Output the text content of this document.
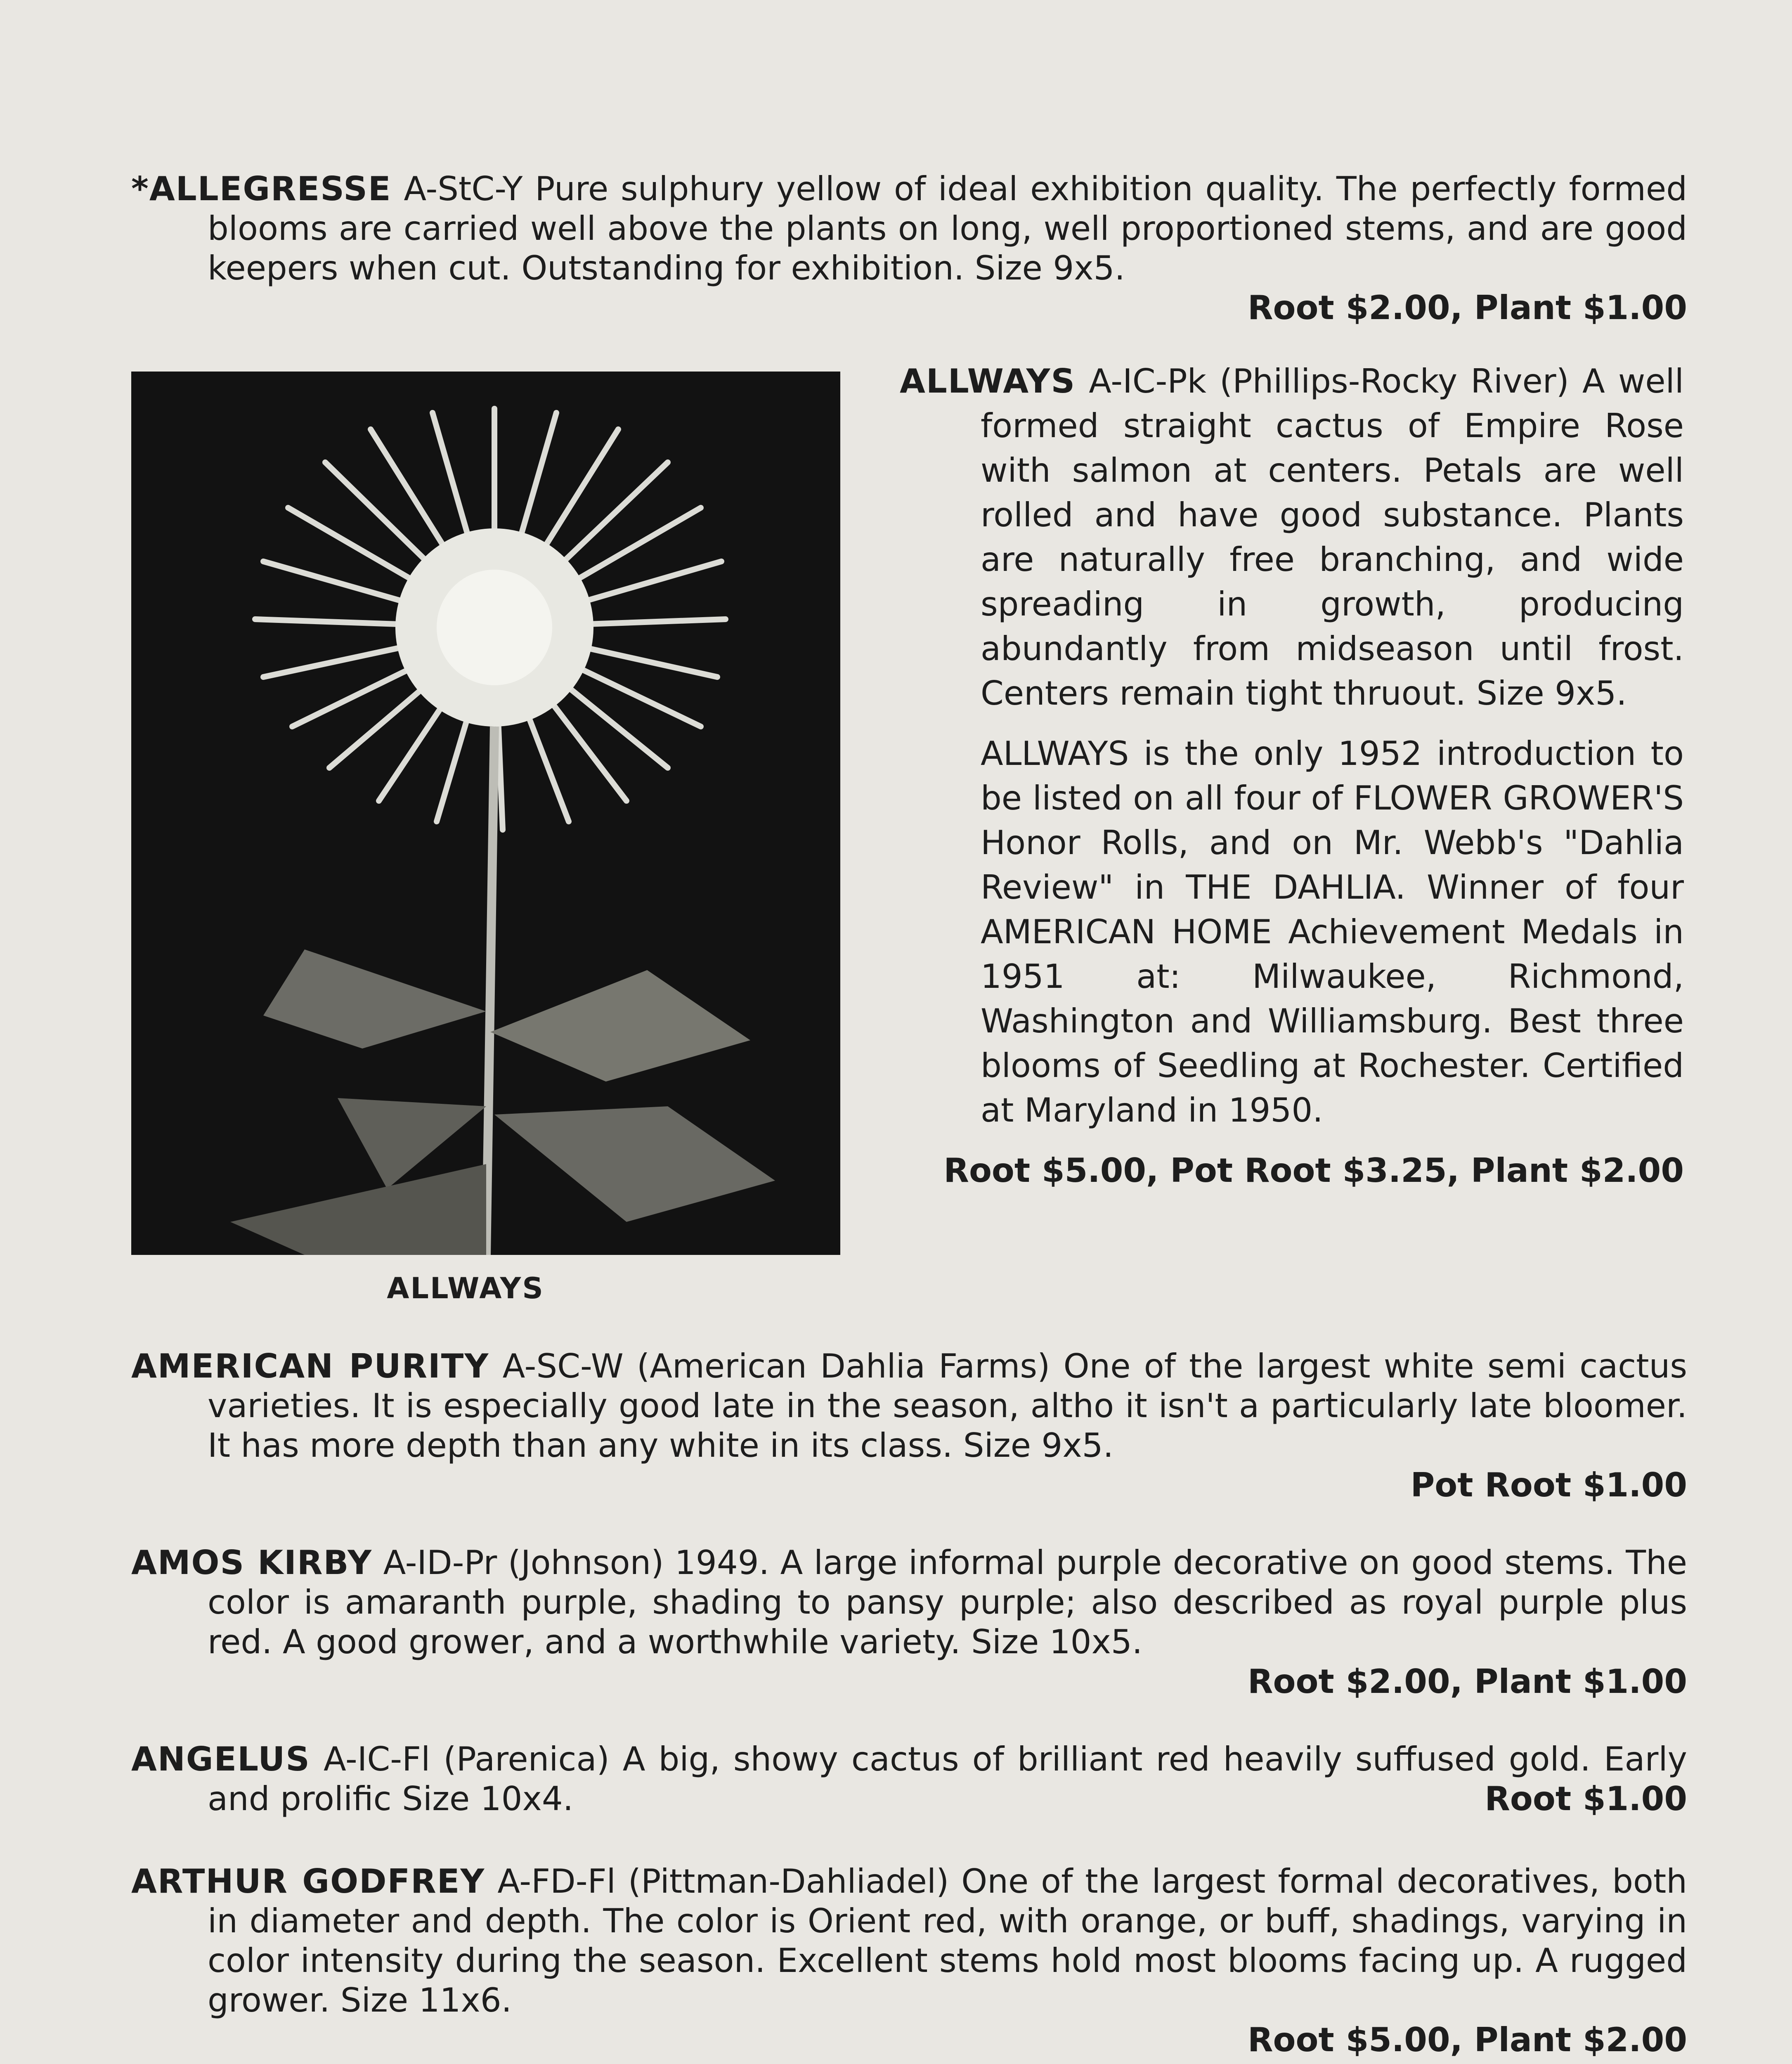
*ALLEGRESSE A-StC-Y Pure sulphury yellow of ideal exhibition quality. The perfectly formed blooms are carried well above the plants on long, well proportioned stems, and are good keepers when cut. Outstanding for exhibition. Size 9x5.

Root $2.00, Plant $1.00
ALLWAYS

ALLWAYS A-IC-Pk (Phillips-Rocky River) A well formed straight cactus of Empire Rose with salmon at centers. Petals are well rolled and have good substance. Plants are naturally free branching, and wide spreading in growth, producing abundantly from midseason until frost. Centers remain tight thruout. Size 9x5.

ALLWAYS is the only 1952 introduction to be listed on all four of FLOWER GROWER'S Honor Rolls, and on Mr. Webb's "Dahlia Review" in THE DAHLIA. Winner of four AMERICAN HOME Achievement Medals in 1951 at: Milwaukee, Richmond, Washington and Williamsburg. Best three blooms of Seedling at Rochester. Certified at Maryland in 1950.

Root $5.00, Pot Root $3.25, Plant $2.00

AMERICAN PURITY A-SC-W (American Dahlia Farms) One of the largest white semi cactus varieties. It is especially good late in the season, altho it isn't a particularly late bloomer. It has more depth than any white in its class. Size 9x5.

Pot Root $1.00

AMOS KIRBY A-ID-Pr (Johnson) 1949. A large informal purple decorative on good stems. The color is amaranth purple, shading to pansy purple; also described as royal purple plus red. A good grower, and a worthwhile variety. Size 10x5.

Root $2.00, Plant $1.00

ANGELUS A-IC-Fl (Parenica) A big, showy cactus of brilliant red heavily suffused gold. Early and prolific Size 10x4.	Root $1.00

ARTHUR GODFREY A-FD-Fl (Pittman-Dahliadel) One of the largest formal decoratives, both in diameter and depth. The color is Orient red, with orange, or buff, shadings, varying in color intensity during the season. Excellent stems hold most blooms facing up. A rugged grower. Size 11x6.

Root $5.00, Plant $2.00
